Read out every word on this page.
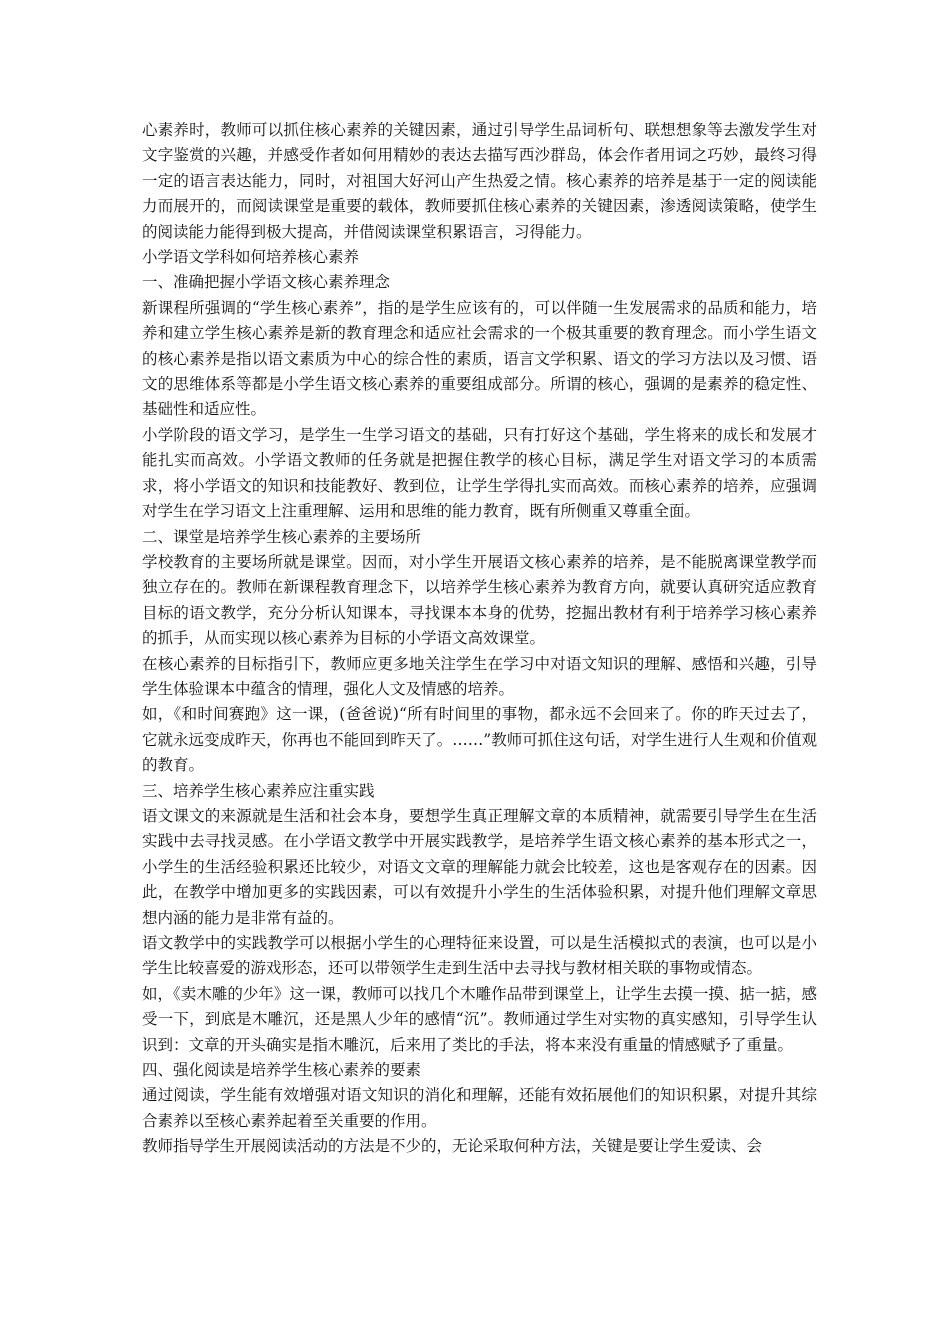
心素养时，教师可以抓住核心素养的关键因素，通过引导学生品词析句、联想想象等去激发学生对文字鉴赏的兴趣，并感受作者如何用精妙的表达去描写西沙群岛，体会作者用词之巧妙，最终习得一定的语言表达能力，同时，对祖国大好河山产生热爱之情。核心素养的培养是基于一定的阅读能力而展开的，而阅读课堂是重要的载体，教师要抓住核心素养的关键因素，渗透阅读策略，使学生的阅读能力能得到极大提高，并借阅读课堂积累语言，习得能力。

小学语文学科如何培养核心素养

一、准确把握小学语文核心素养理念

新课程所强调的“学生核心素养”，指的是学生应该有的，可以伴随一生发展需求的品质和能力，培养和建立学生核心素养是新的教育理念和适应社会需求的一个极其重要的教育理念。而小学生语文的核心素养是指以语文素质为中心的综合性的素质，语言文学积累、语文的学习方法以及习惯、语文的思维体系等都是小学生语文核心素养的重要组成部分。所谓的核心，强调的是素养的稳定性、基础性和适应性。

小学阶段的语文学习，是学生一生学习语文的基础，只有打好这个基础，学生将来的成长和发展才能扎实而高效。小学语文教师的任务就是把握住教学的核心目标，满足学生对语文学习的本质需求，将小学语文的知识和技能教好、教到位，让学生学得扎实而高效。而核心素养的培养，应强调对学生在学习语文上注重理解、运用和思维的能力教育，既有所侧重又尊重全面。

二、课堂是培养学生核心素养的主要场所

学校教育的主要场所就是课堂。因而，对小学生开展语文核心素养的培养，是不能脱离课堂教学而独立存在的。教师在新课程教育理念下，以培养学生核心素养为教育方向，就要认真研究适应教育目标的语文教学，充分分析认知课本，寻找课本本身的优势，挖掘出教材有利于培养学习核心素养的抓手，从而实现以核心素养为目标的小学语文高效课堂。

在核心素养的目标指引下，教师应更多地关注学生在学习中对语文知识的理解、感悟和兴趣，引导学生体验课本中蕴含的情理，强化人文及情感的培养。

如，《和时间赛跑》这一课，(爸爸说)“所有时间里的事物，都永远不会回来了。你的昨天过去了，它就永远变成昨天，你再也不能回到昨天了。……”教师可抓住这句话，对学生进行人生观和价值观的教育。

三、培养学生核心素养应注重实践

语文课文的来源就是生活和社会本身，要想学生真正理解文章的本质精神，就需要引导学生在生活实践中去寻找灵感。在小学语文教学中开展实践教学，是培养学生语文核心素养的基本形式之一，小学生的生活经验积累还比较少，对语文文章的理解能力就会比较差，这也是客观存在的因素。因此，在教学中增加更多的实践因素，可以有效提升小学生的生活体验积累，对提升他们理解文章思想内涵的能力是非常有益的。

语文教学中的实践教学可以根据小学生的心理特征来设置，可以是生活模拟式的表演，也可以是小学生比较喜爱的游戏形态，还可以带领学生走到生活中去寻找与教材相关联的事物或情态。

如，《卖木雕的少年》这一课，教师可以找几个木雕作品带到课堂上，让学生去摸一摸、掂一掂，感受一下，到底是木雕沉，还是黑人少年的感情“沉”。教师通过学生对实物的真实感知，引导学生认识到：文章的开头确实是指木雕沉，后来用了类比的手法，将本来没有重量的情感赋予了重量。

四、强化阅读是培养学生核心素养的要素

通过阅读，学生能有效增强对语文知识的消化和理解，还能有效拓展他们的知识积累，对提升其综合素养以至核心素养起着至关重要的作用。

教师指导学生开展阅读活动的方法是不少的，无论采取何种方法，关键是要让学生爱读、会
